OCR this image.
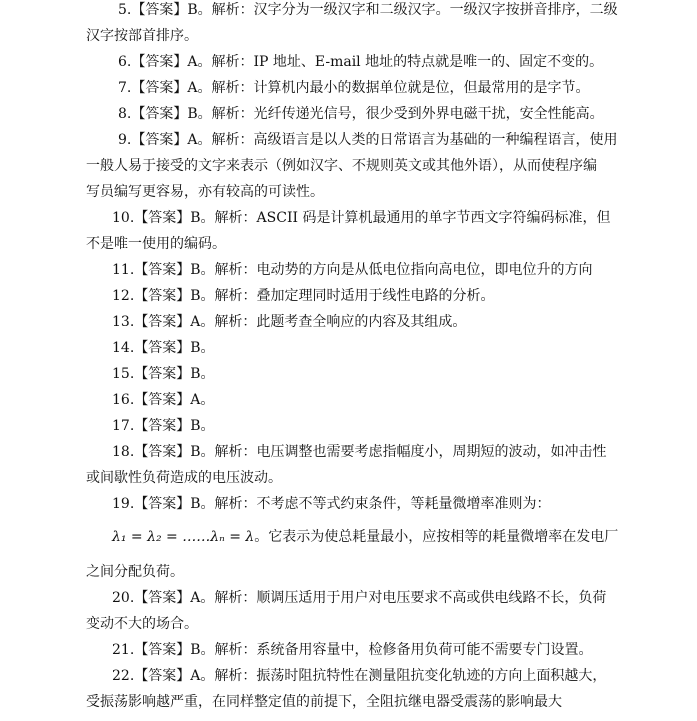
5.【答案】B。解析：汉字分为一级汉字和二级汉字。一级汉字按拼音排序，二级
汉字按部首排序。
6.【答案】A。解析：IP 地址、E-mail 地址的特点就是唯一的、固定不变的。
7.【答案】A。解析：计算机内最小的数据单位就是位，但最常用的是字节。
8.【答案】B。解析：光纤传递光信号，很少受到外界电磁干扰，安全性能高。
9.【答案】A。解析：高级语言是以人类的日常语言为基础的一种编程语言，使用
一般人易于接受的文字来表示（例如汉字、不规则英文或其他外语），从而使程序编
写员编写更容易，亦有较高的可读性。
10.【答案】B。解析：ASCII 码是计算机最通用的单字节西文字符编码标准，但
不是唯一使用的编码。
11.【答案】B。解析：电动势的方向是从低电位指向高电位，即电位升的方向
12.【答案】B。解析：叠加定理同时适用于线性电路的分析。
13.【答案】A。解析：此题考查全响应的内容及其组成。
14.【答案】B。
15.【答案】B。
16.【答案】A。
17.【答案】B。
18.【答案】B。解析：电压调整也需要考虑指幅度小，周期短的波动，如冲击性
或间歇性负荷造成的电压波动。
19.【答案】B。解析：不考虑不等式约束条件，等耗量微增率准则为：
λ₁ = λ₂ = ……λₙ = λ。它表示为使总耗量最小，应按相等的耗量微增率在发电厂
之间分配负荷。
20.【答案】A。解析：顺调压适用于用户对电压要求不高或供电线路不长，负荷
变动不大的场合。
21.【答案】B。解析：系统备用容量中，检修备用负荷可能不需要专门设置。
22.【答案】A。解析：振荡时阻抗特性在测量阻抗变化轨迹的方向上面积越大，
受振荡影响越严重，在同样整定值的前提下，全阻抗继电器受震荡的影响最大
